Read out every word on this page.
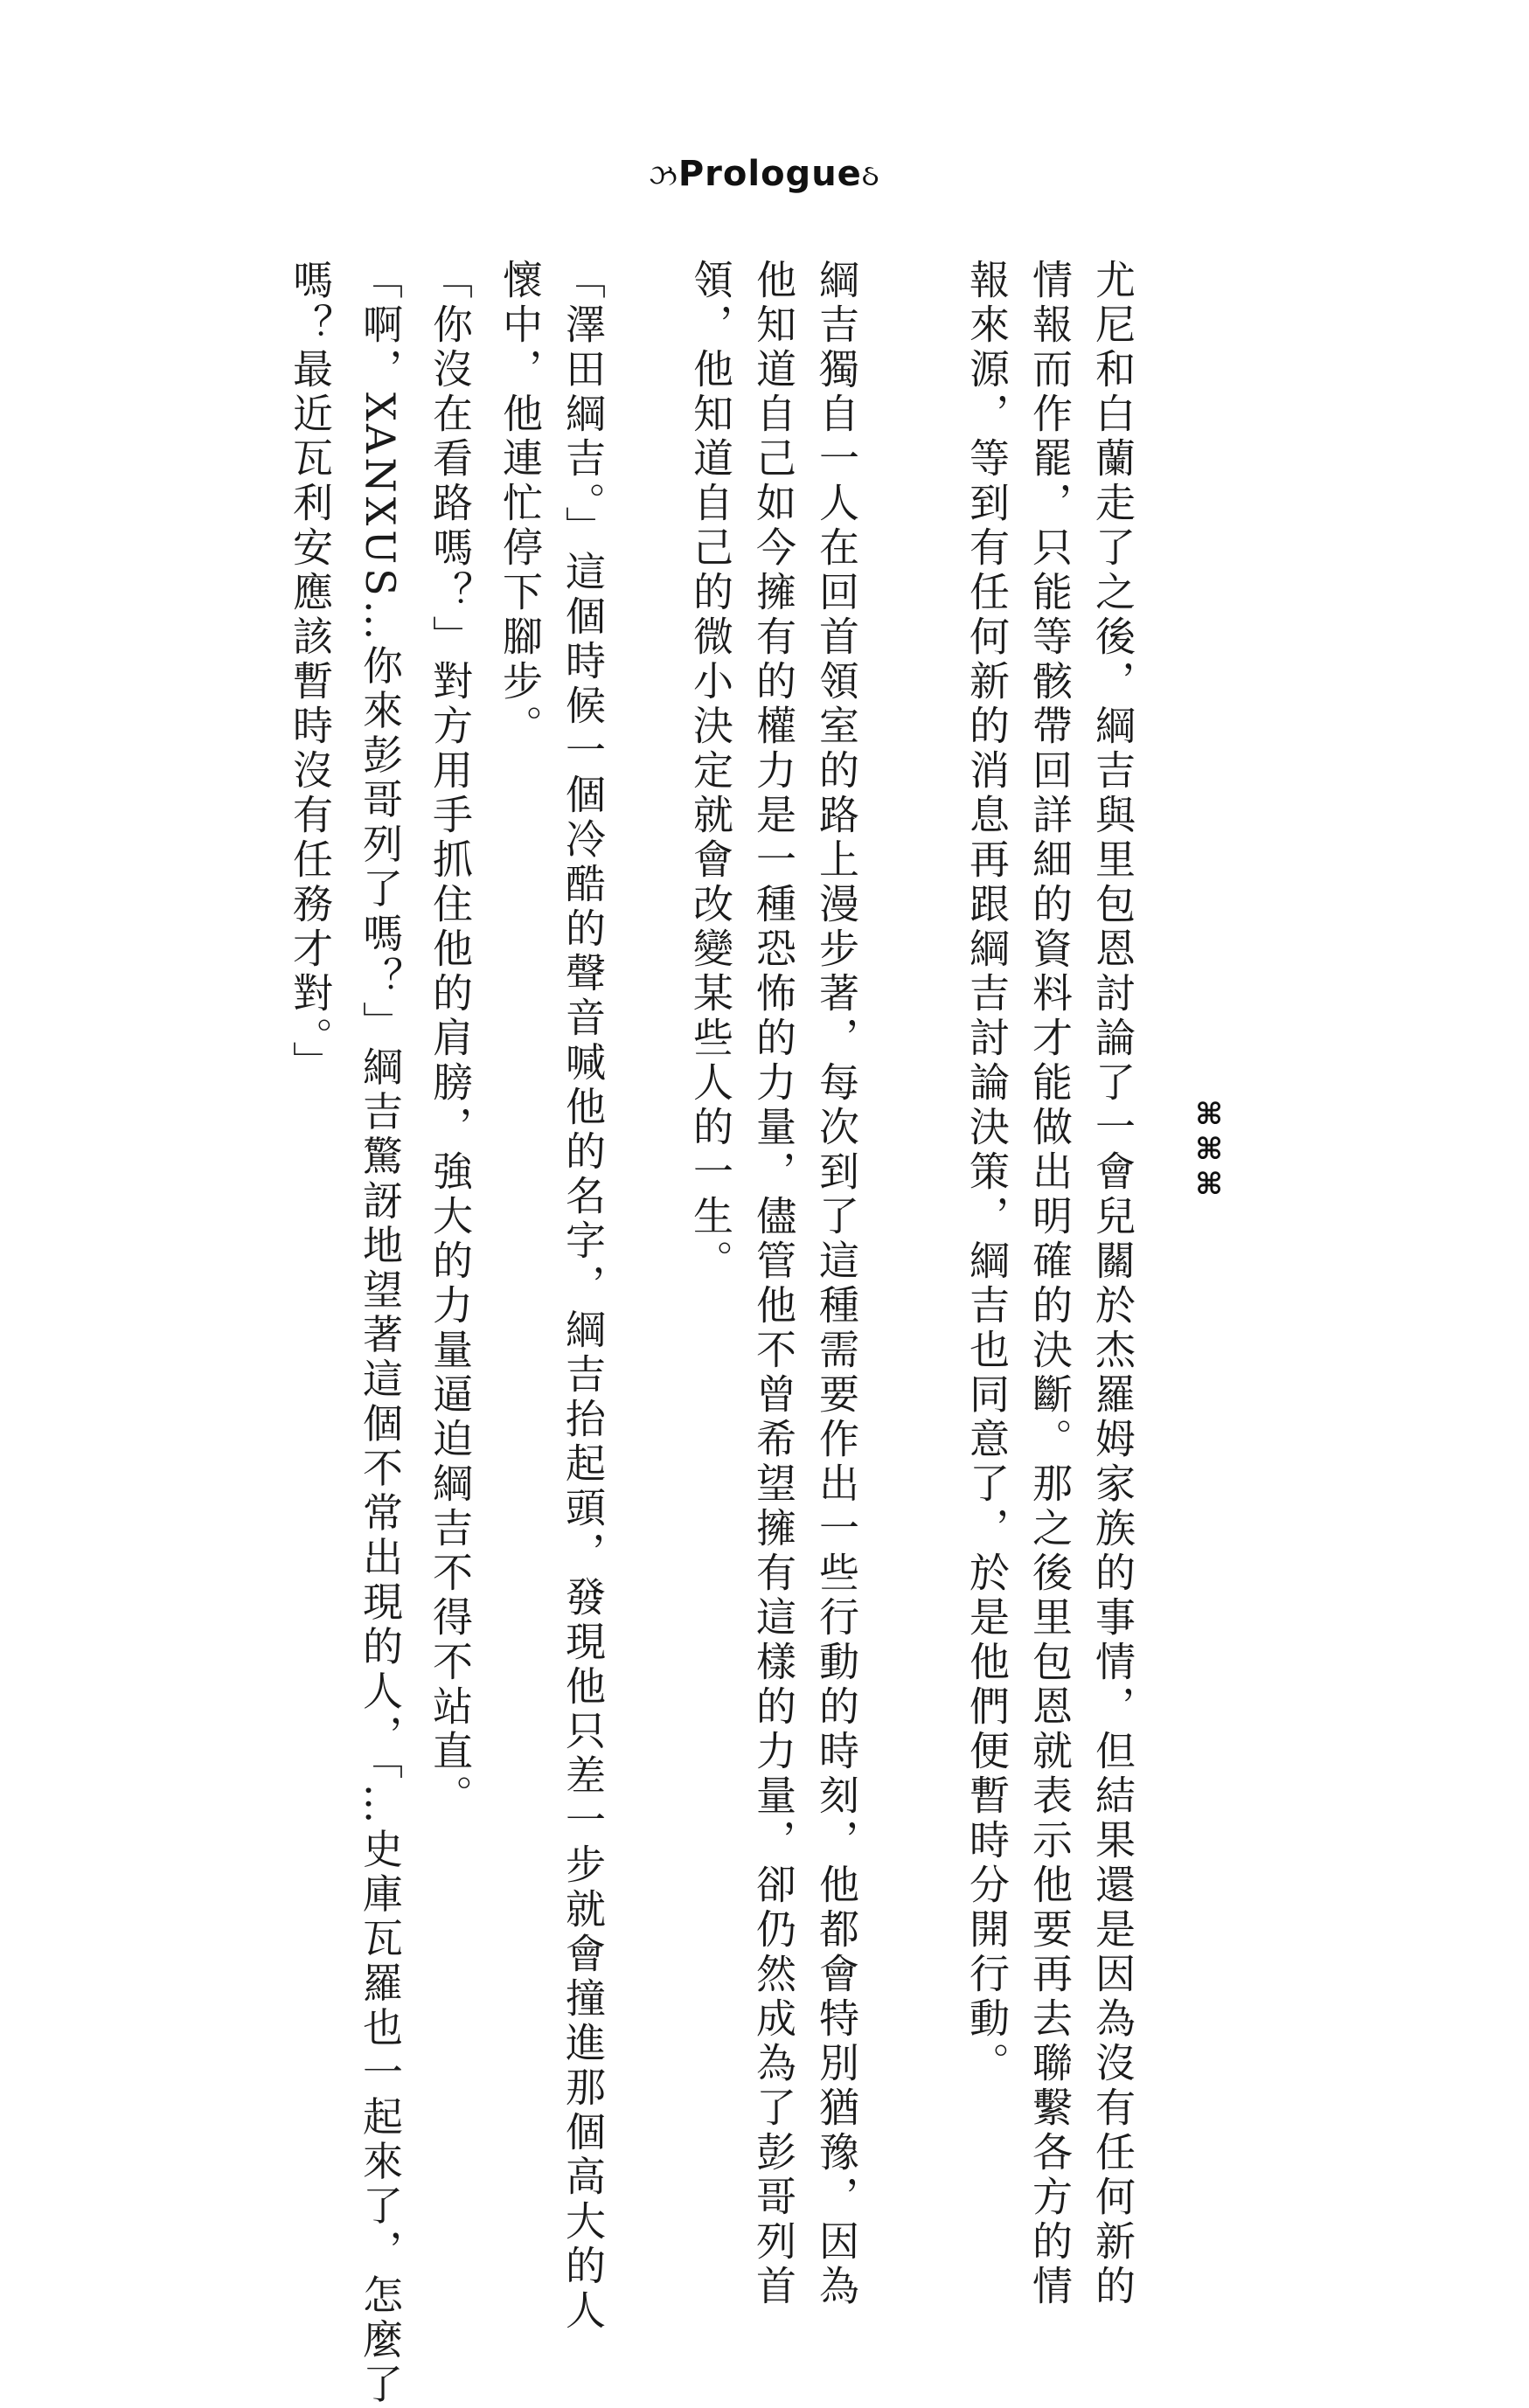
ઝPrologueઠ
⌘⌘⌘
尤尼和白蘭走了之後，綱吉與里包恩討論了一會兒關於杰羅姆家族的事情，但結果還是因為沒有任何新的
情報而作罷，只能等骸帶回詳細的資料才能做出明確的決斷。那之後里包恩就表示他要再去聯繫各方的情
報來源，等到有任何新的消息再跟綱吉討論決策，綱吉也同意了，於是他們便暫時分開行動。
綱吉獨自一人在回首領室的路上漫步著，每次到了這種需要作出一些行動的時刻，他都會特別猶豫，因為
他知道自己如今擁有的權力是一種恐怖的力量，儘管他不曾希望擁有這樣的力量，卻仍然成為了彭哥列首
領，他知道自己的微小決定就會改變某些人的一生。
「澤田綱吉。」這個時候一個冷酷的聲音喊他的名字，綱吉抬起頭，發現他只差一步就會撞進那個高大的人
懷中，他連忙停下腳步。
「你沒在看路嗎？」對方用手抓住他的肩膀，強大的力量逼迫綱吉不得不站直。
「啊，XANXUS…你來彭哥列了嗎？」綱吉驚訝地望著這個不常出現的人，「…史庫瓦羅也一起來了，怎麼了
嗎？最近瓦利安應該暫時沒有任務才對。」
